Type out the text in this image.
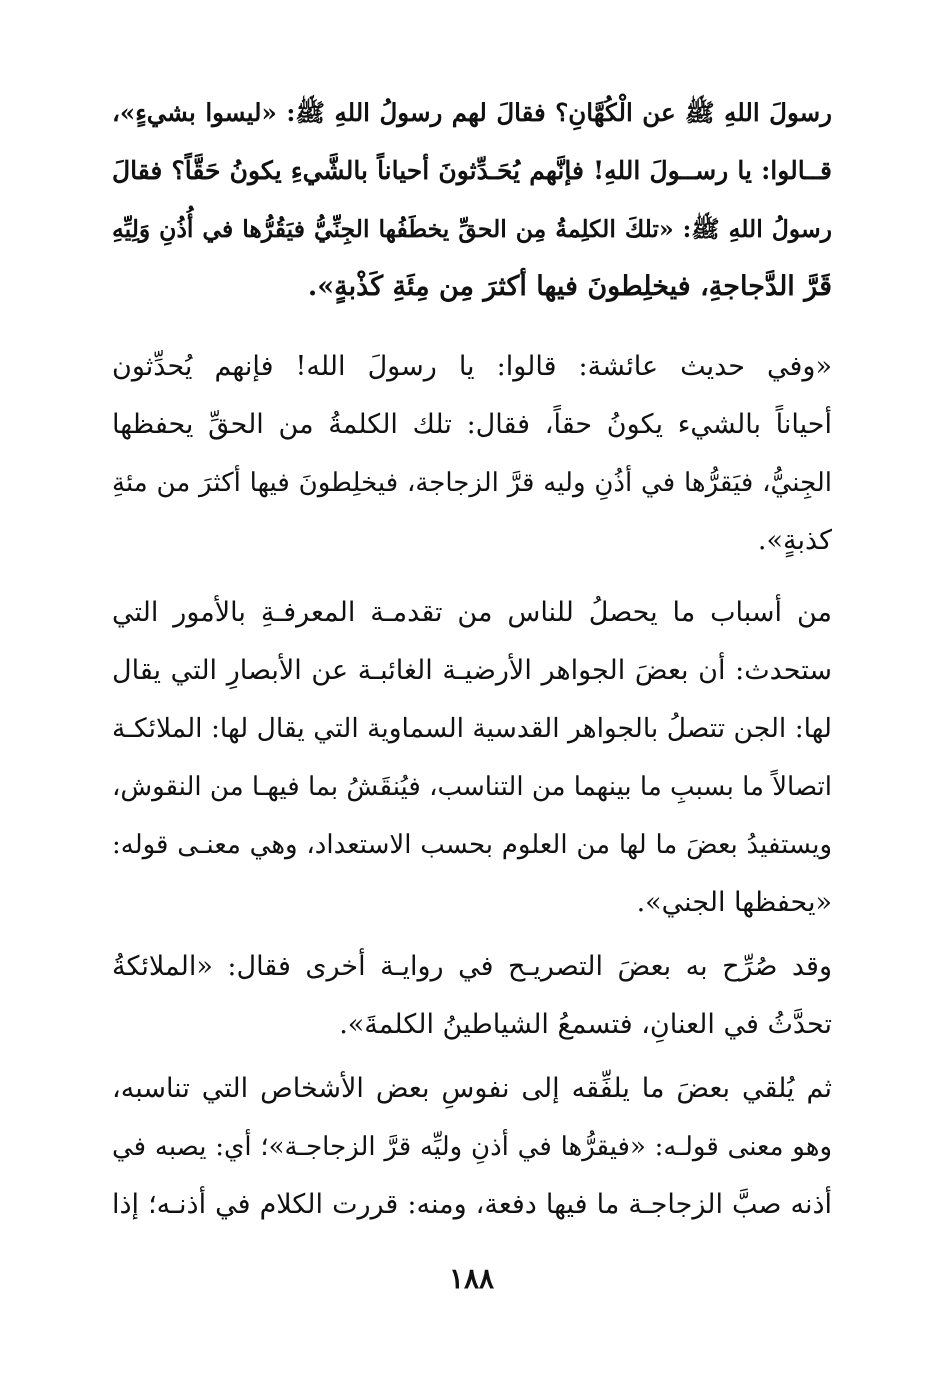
رسولَ اللهِ ﷺ عن الْكُهَّانِ؟ فقالَ لهم رسولُ اللهِ ﷺ: «ليسوا بشيءٍ»،
قــالوا: يا رســولَ اللهِ! فإنَّهم يُحَـدِّثونَ أحياناً بالشَّيءِ يكونُ حَقَّاً؟ فقالَ
رسولُ اللهِ ﷺ: «تلكَ الكلِمةُ مِن الحقِّ يخطَفُها الجِنِّيُّ فيَقُرُّها في أُذُنِ وَلِيِّهِ
قَرَّ الدَّجاجةِ، فيخلِطونَ فيها أكثرَ مِن مِئَةِ كَذْبةٍ».
«وفي حديث عائشة: قالوا: يا رسولَ الله! فإنهم يُحدِّثون
أحياناً بالشيء يكونُ حقاً، فقال: تلك الكلمةُ من الحقِّ يحفظها
الجِنيُّ، فيَقرُّها في أذُنِ وليه قرَّ الزجاجة، فيخلِطونَ فيها أكثرَ من مئةِ
كذبةٍ».
من أسباب ما يحصلُ للناس من تقدمـة المعرفـةِ بالأمور التي
ستحدث: أن بعضَ الجواهر الأرضيـة الغائبـة عن الأبصارِ التي يقال
لها: الجن تتصلُ بالجواهر القدسية السماوية التي يقال لها: الملائكـة
اتصالاً ما بسببِ ما بينهما من التناسب، فيُنقَشُ بما فيهـا من النقوش،
ويستفيدُ بعضَ ما لها من العلوم بحسب الاستعداد، وهي معنـى قوله:
«يحفظها الجني».
وقد صُرِّح به بعضَ التصريـح في روايـة أخرى فقال: «الملائكةُ
تحدَّثُ في العنانِ، فتسمعُ الشياطينُ الكلمةَ».
ثم يُلقي بعضَ ما يلفِّقه إلى نفوسِ بعض الأشخاص التي تناسبه،
وهو معنى قولـه: «فيقرُّها في أذنِ وليِّه قرَّ الزجاجـة»؛ أي: يصبه في
أذنه صبَّ الزجاجـة ما فيها دفعة، ومنه: قررت الكلام في أذنـه؛ إذا
١٨٨
